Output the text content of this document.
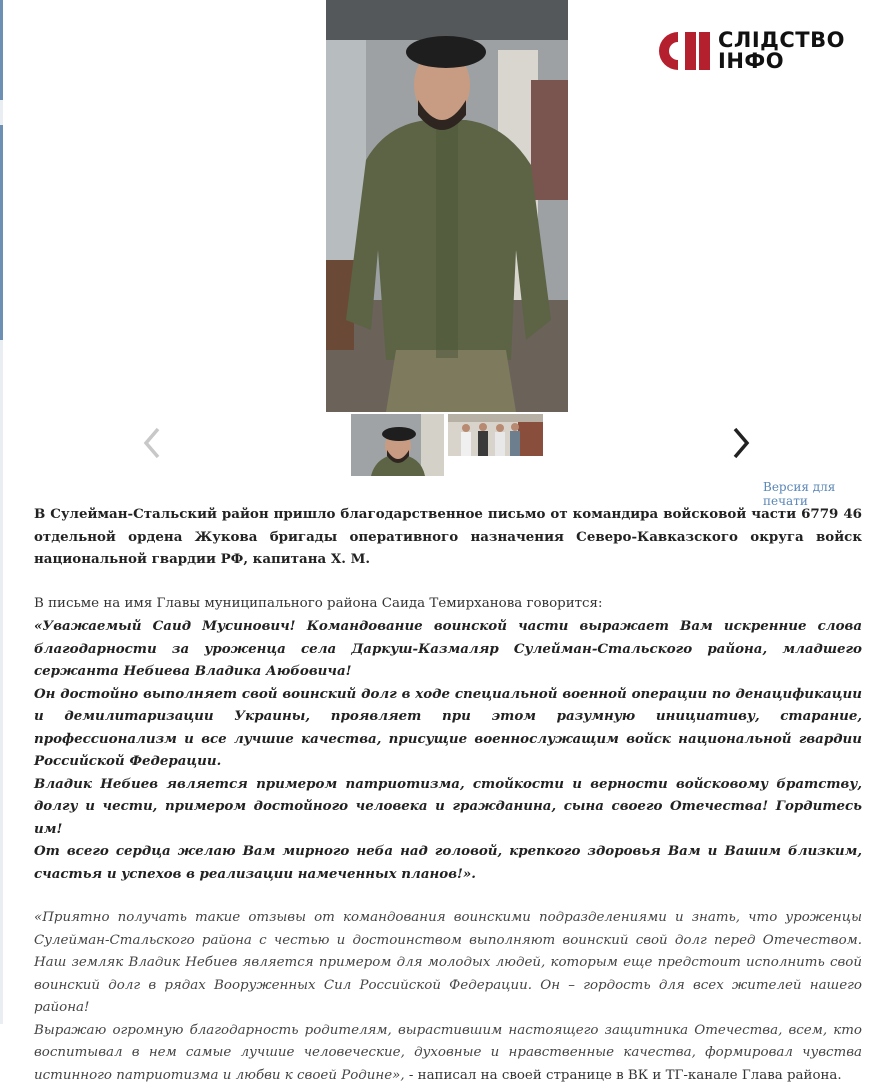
СЛІДСТВО
ІНФО
Версия для печати

В Сулейман-Стальский район пришло благодарственное письмо от командира войсковой части 6779 46 отдельной ордена Жукова бригады оперативного назначения Северо-Кавказского округа войск национальной гвардии РФ, капитана Х. М.

В письме на имя Главы муниципального района Саида Темирханова говорится:

«Уважаемый Саид Мусинович! Командование воинской части выражает Вам искренние слова благодарности за уроженца села Даркуш-Казмаляр Сулейман-Стальского района, младшего сержанта Небиева Владика Аюбовича!

Он достойно выполняет свой воинский долг в ходе специальной военной операции по денацификации и демилитаризации Украины, проявляет при этом разумную инициативу, старание, профессионализм и все лучшие качества, присущие военнослужащим войск национальной гвардии Российской Федерации.

Владик Небиев является примером патриотизма, стойкости и верности войсковому братству, долгу и чести, примером достойного человека и гражданина, сына своего Отечества! Гордитесь им!

От всего сердца желаю Вам мирного неба над головой, крепкого здоровья Вам и Вашим близким, счастья и успехов в реализации намеченных планов!».

«Приятно получать такие отзывы от командования воинскими подразделениями и знать, что уроженцы Сулейман-Стальского района с честью и достоинством выполняют воинский свой долг перед Отечеством. Наш земляк Владик Небиев является примером для молодых людей, которым еще предстоит исполнить свой воинский долг в рядах Вооруженных Сил Российской Федерации. Он – гордость для всех жителей нашего района!

Выражаю огромную благодарность родителям, вырастившим настоящего защитника Отечества, всем, кто воспитывал в нем самые лучшие человеческие, духовные и нравственные качества, формировал чувства истинного патриотизма и любви к своей Родине», - написал на своей странице в ВК и ТГ-канале Глава района.
